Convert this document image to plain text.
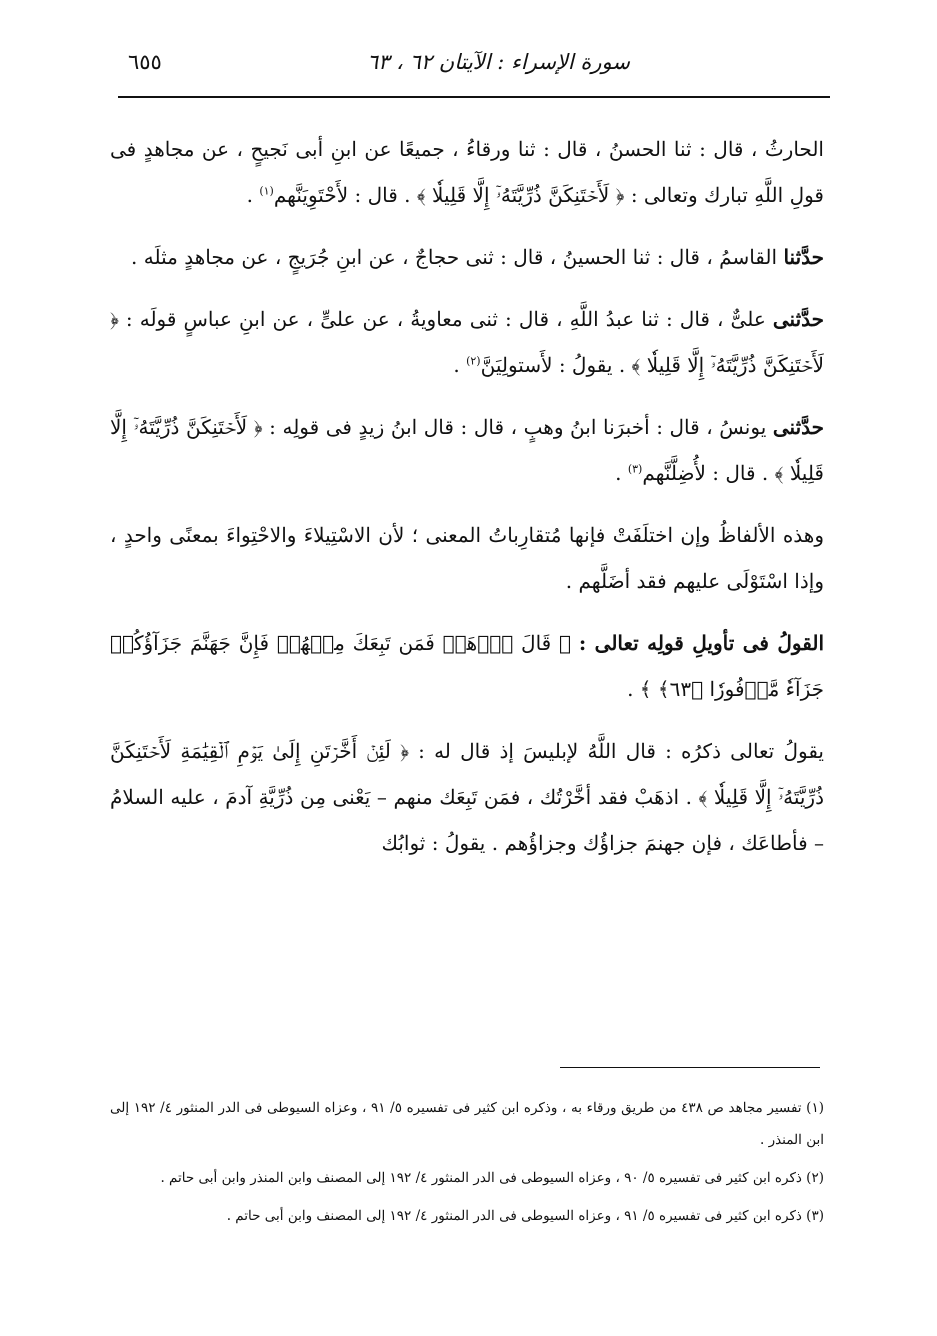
سورة الإسراء : الآيتان ٦٢ ، ٦٣
٦٥٥

الحارثُ ، قال : ثنا الحسنُ ، قال : ثنا ورقاءُ ، جميعًا عن ابنِ أبى نَجيحٍ ، عن مجاهدٍ فى قولِ اللَّهِ تبارك وتعالى : ﴿ لَأَحۡتَنِكَنَّ ذُرِّيَّتَهُۥٓ إِلَّا قَلِيلٗا ﴾ . قال : لأَحْتَوِيَنَّهم$^{(١)}$ .

حدَّثنا القاسمُ ، قال : ثنا الحسينُ ، قال : ثنى حجاجٌ ، عن ابنِ جُرَيجٍ ، عن مجاهدٍ مثلَه .

حدَّثنى علىٌّ ، قال : ثنا عبدُ اللَّهِ ، قال : ثنى معاويةُ ، عن علىٍّ ، عن ابنِ عباسٍ قولَه : ﴿ لَأَحۡتَنِكَنَّ ذُرِّيَّتَهُۥٓ إِلَّا قَلِيلٗا ﴾ . يقولُ : لأَستولِيَنَّ$^{(٢)}$ .

حدَّثنى يونسُ ، قال : أخبرَنا ابنُ وهبٍ ، قال : قال ابنُ زيدٍ فى قولِه : ﴿ لَأَحۡتَنِكَنَّ ذُرِّيَّتَهُۥٓ إِلَّا قَلِيلٗا ﴾ . قال : لأُضِلَّنَّهم$^{(٣)}$ .

وهذه الألفاظُ وإن اختلَفَتْ فإنها مُتقارِباتُ المعنى ؛ لأن الاسْتِيلاءَ والاحْتِواءَ بمعنًى واحدٍ ، وإذا اسْتَوْلَى عليهم فقد أضَلَّهم .

القولُ فى تأويلِ قولِه تعالى : ﴿ قَالَ ٱذۡهَبۡ فَمَن تَبِعَكَ مِنۡهُمۡ فَإِنَّ جَهَنَّمَ جَزَآؤُكُمۡ جَزَآءٗ مَّوۡفُورٗا ﴿٦٣﴾ ﴾ .

يقولُ تعالى ذكرُه : قال اللَّهُ لإبليسَ إذ قال له : ﴿ لَئِنۡ أَخَّرۡتَنِ إِلَىٰ يَوۡمِ ٱلۡقِيَٰمَةِ لَأَحۡتَنِكَنَّ ذُرِّيَّتَهُۥٓ إِلَّا قَلِيلٗا ﴾ . اذهَبْ فقد أخَّرْتُك ، فمَن تَبِعَك منهم – يَعْنى مِن ذُرِّيَّةِ آدمَ ، عليه السلامُ – فأطاعَك ، فإن جهنمَ جزاؤُك وجزاؤُهم . يقولُ : ثوابُك

(١) تفسير مجاهد ص ٤٣٨ من طريق ورقاء به ، وذكره ابن كثير فى تفسيره ٥/ ٩١ ، وعزاه السيوطى فى الدر المنثور ٤/ ١٩٢ إلى ابن المنذر .

(٢) ذكره ابن كثير فى تفسيره ٥/ ٩٠ ، وعزاه السيوطى فى الدر المنثور ٤/ ١٩٢ إلى المصنف وابن المنذر وابن أبى حاتم .

(٣) ذكره ابن كثير فى تفسيره ٥/ ٩١ ، وعزاه السيوطى فى الدر المنثور ٤/ ١٩٢ إلى المصنف وابن أبى حاتم .
